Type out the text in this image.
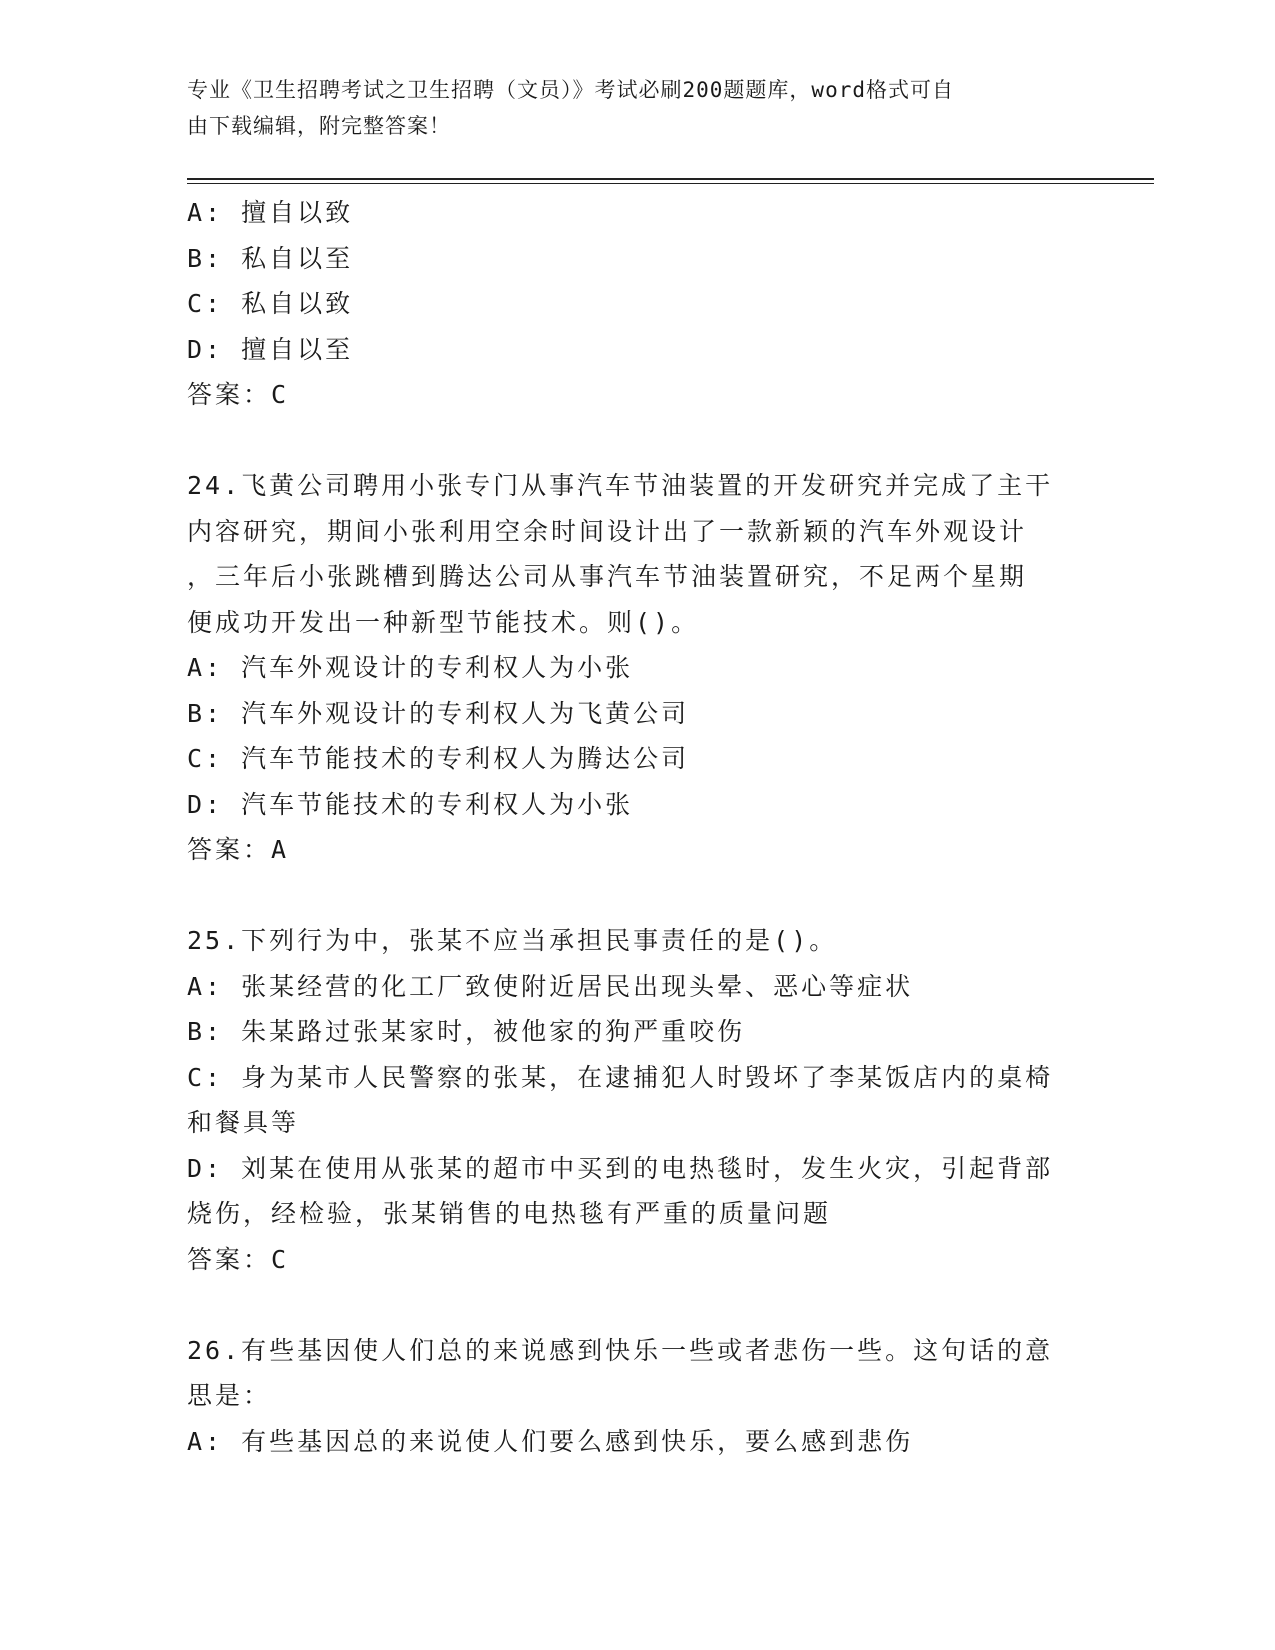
专业《卫生招聘考试之卫生招聘（文员）》考试必刷200题题库，word格式可自
由下载编辑，附完整答案！
A: 擅自以致
B: 私自以至
C: 私自以致
D: 擅自以至
答案：C
24.飞黄公司聘用小张专门从事汽车节油装置的开发研究并完成了主干
内容研究，期间小张利用空余时间设计出了一款新颖的汽车外观设计
，三年后小张跳槽到腾达公司从事汽车节油装置研究，不足两个星期
便成功开发出一种新型节能技术。则()。
A: 汽车外观设计的专利权人为小张
B: 汽车外观设计的专利权人为飞黄公司
C: 汽车节能技术的专利权人为腾达公司
D: 汽车节能技术的专利权人为小张
答案：A
25.下列行为中，张某不应当承担民事责任的是()。
A: 张某经营的化工厂致使附近居民出现头晕、恶心等症状
B: 朱某路过张某家时，被他家的狗严重咬伤
C: 身为某市人民警察的张某，在逮捕犯人时毁坏了李某饭店内的桌椅
和餐具等
D: 刘某在使用从张某的超市中买到的电热毯时，发生火灾，引起背部
烧伤，经检验，张某销售的电热毯有严重的质量问题
答案：C
26.有些基因使人们总的来说感到快乐一些或者悲伤一些。这句话的意
思是：
A: 有些基因总的来说使人们要么感到快乐，要么感到悲伤
